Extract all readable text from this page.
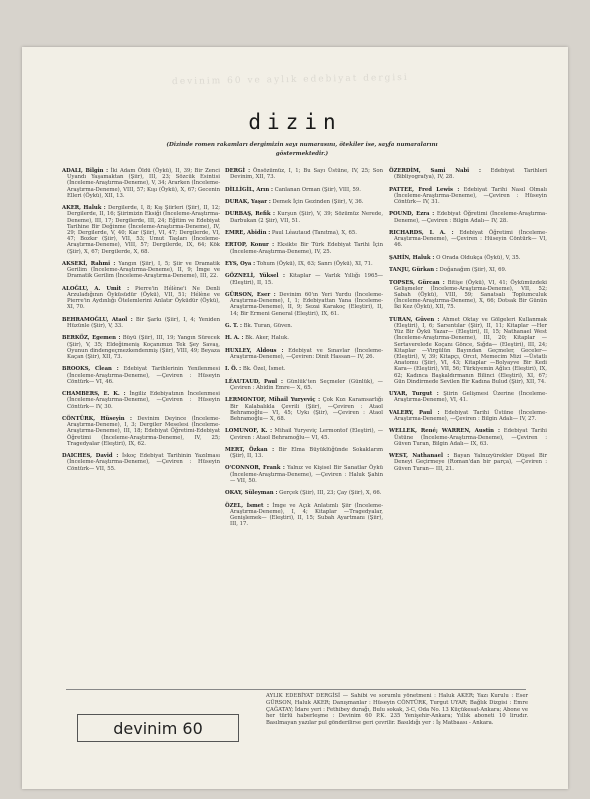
devinim 60 ve aylık edebiyat dergisi
dizin
(Dizinde romen rakamları dergimizin sayı numarasını, ötekiler ise, sayfa numaralarını göstermektedir.)
ADALI, Bilgin : İki Adam Öldü (Öykü), II, 39; Bir Zenci Uyandı Yaşamaktan (Şiir), III, 23; Sözcük Esintisi (İnceleme-Araştırma-Deneme), V, 34; Ararken (İnceleme-Araştırma-Deneme), VIII, 57; Kışı (Öykü), X, 67; Gecenin Elleri (Öykü), XII, 13.
AKER, Haluk : Dergilerde, I, 8; Kış Şiirleri (Şiir), II, 12; Dergilerde, II, 16; Şiirimizin Eksiği (İnceleme-Araştırma-Deneme), III, 17; Dergilerde, III, 24; Eğitim ve Edebiyat Tarihine Bir Değinme (İnceleme-Araştırma-Deneme), IV, 29; Dergilerde, V, 40; Kar (Şiir), VI, 47; Dergilerde, VI, 47; Bozkır (Şiir), VII, 53; Umut Taşları (İnceleme-Araştırma-Deneme), VIII, 57; Dergilerde, IX, 64; Kök (Şiir), X, 67; Dergilerde, X, 68.
AKSEKİ, Rahmi : Yangın (Şiir), I, 5; Şiir ve Dramatik Gerilim (İnceleme-Araştırma-Deneme), II, 9; İmge ve Dramatik Gerilim (İnceleme-Araştırma-Deneme), III, 22.
ALOĞLU, A. Umit : Pierre'in Hélène'i Ne Denli Arzuladığının Öyküsüdür (Öykü), VII, 51; Hélène ve Pierre'in Aydınlığı Ötelemlerini Anlatır Öyküdür (Öykü), XI, 70.
BEHRAMOĞLU, Ataol : Bir Şarkı (Şiir), I, 4; Yeniden Hüzünle (Şiir), V, 33.
BERKÖZ, Egemen : Büyü (Şiir), III, 19; Yangın Sürecek (Şiir), V, 35; Eldeğimeniş Koçanımızı Tek Şey Savaş, Oyunun dindengeçmezkendenmiş (Şiir), VIII, 49; Beyaza Kaçan (Şiir), XII, 73.
BROOKS, Clean : Edebiyat Tarihlerinin Yenilenmesi (İnceleme-Araştırma-Deneme), —Çeviren : Hüseyin Cöntürk— VI, 46.
CHAMBERS, E. K. : İngiliz Edebiyatının İncelenmesi (İnceleme-Araştırma-Deneme), —Çeviren : Hüseyin Cöntürk— IV, 30.
CÖNTÜRK, Hüseyin : Devinim Deyince (İnceleme-Araştırma-Deneme), I, 3; Dergiler Meselesi (İnceleme-Araştırma-Deneme), III, 18; Edebiyat Öğretimi-Edebiyat Öğretimi (İnceleme-Araştırma-Deneme), IV, 25; Tragedyalar (Eleştiri), IX, 62.
DAICHES, David : İskoç Edebiyat Tarihinin Yazılması (İnceleme-Araştırma-Deneme), —Çeviren : Hüseyin Cöntürk— VII, 55.
DERGİ : Önsözümüz, I, 1; Bu Sayı Üstüne, IV, 25; Son Devinim, XII, 73.
DİLLİGİL, Arın : Canlanan Orman (Şiir), VIII, 59.
DURAK, Yaşar : Demek İçin Gezinden (Şiir), V, 36.
DURBAŞ, Refik : Kurşun (Şiir), V, 39; Sözümüz Nerede, Darbukan (2 Şiir), VII, 51.
EMRE, Abidin : Paul Léautaud (Tanıtma), X, 65.
ERTOP, Konur : Eksikte Bir Türk Edebiyat Tarihi İçin (İnceleme-Araştırma-Deneme), IV, 25.
EYS, Oya : Tohum (Öykü), IX, 63; Sanrı (Öykü), XI, 71.
GÖZNELİ, Yüksel : Kitaplar — Varlık Yıllığı 1965— (Eleştiri), II, 15.
GÜRSON, Eser : Devinim 60'ın Yeri Yurdu (İnceleme-Araştırma-Deneme), I, 1; Edebiyattan Yana (İnceleme-Araştırma-Deneme), II, 9; Sezai Karakoç (Eleştiri), II, 14; Bir Ermeni General (Eleştiri), IX, 61.
G. T. : Bk. Turan, Güven.
H. A. : Bk. Aker, Haluk.
HUXLEY, Aldous : Edebiyat ve Sınavlar (İnceleme-Araştırma-Deneme), —Çeviren: Dinit Hassan— IV, 26.
I. Ö. : Bk. Özel, İsmet.
LÉAUTAUD, Paul : Günlük'ten Seçmeler (Günlük), —Çeviren : Abidin Emre— X, 65.
LERMONTOF, Mihail Yuryeviç : Çok Kızı Karamsarlığı Bir Kalabalıkla Çevrili (Şiir), —Çeviren : Ataol Behramoğlu— VI, 45; Uykı (Şiir), —Çeviren : Ataol Behramoğlu— X, 68.
LOMUNOF, K. : Mihail Yuryeviç Lermontof (Eleştiri), —Çeviren : Ataol Behramoğlu— VI, 45.
MERT, Özkan : Bir Elma Büyüklüğünde Sokaklarım (Şiir), II, 13.
O'CONNOR, Frank : Yalnız ve Kişisel Bir Sanatlar Öykü (İnceleme-Araştırma-Deneme), —Çeviren : Haluk Şahin— VII, 50.
OKAY, Süleyman : Gerçek (Şiir), III, 23; Çay (Şiir), X, 66.
ÖZEL, İsmet : İmge ve Açık Anlatımlı Şiir (İnceleme-Araştırma-Deneme), I, 4; Kitaplar —Tragedyalar, Genişlemek— (Eleştiri), II, 15; Subah Ayartmanı (Şiir), III, 17.
ÖZERDİM, Sami Nabi : Edebiyat Tarihleri (Bibliyografya), IV, 28.
PATTEE, Fred Lewis : Edebiyat Tarihi Nasıl Olmalı (İnceleme-Araştırma-Deneme), —Çeviren : Hüseyin Cöntürk— IV, 31.
POUND, Ezra : Edebiyat Öğretimi (İnceleme-Araştırma-Deneme), —Çeviren : Bilgin Adalı— IV, 28.
RICHARDS, I. A. : Edebiyat Öğretimi (İnceleme-Araştırma-Deneme), —Çeviren : Hüseyin Cöntürk— VI, 46.
ŞAHİN, Haluk : O Orada Oldukça (Öykü), V, 35.
TANJU, Gürkan : Doğanağım (Şiir), XI, 69.
TOPSES, Gürcan : Bitişe (Öykü), VI, 41; Öykümüzdeki Gelişmeler (İnceleme-Araştırma-Deneme), VII, 52; Sabah (Öykü), VIII, 59; Sanatsalı Toplumculuk (İnceleme-Araştırma-Deneme), X, 66; Dotsak Bir Günün İki Kez (Öykü), XII, 75.
TURAN, Güven : Ahmet Oktay ve Gölgeleri Kullanmak (Eleştiri), I, 6; Sarsıntılar (Şiir), II, 11; Kitaplar —Her Yüz Bir Öykü Yazar— (Eleştiri), II, 15; Nathanael West (İnceleme-Araştırma-Deneme), III, 20; Kitaplar —Sertaverelede Koçanı Gönce, Sığda— (Eleştiri), III, 24; Kitaplar —Virgülün Bayından Geçmeler, Geceler— (Eleştiri), V, 39; Kitapçı, Orcıt, Memecim Mizi —Üstatlı Anatomu (Şiir), VI, 43; Kitaplar —Bolyayve Bir Kedi Kara— (Eleştiri), VII, 56; Türkiyemin Ağlıcı (Eleştiri), IX, 62; Kadınca Başkaldırmanın Bilinci (Eleştiri), XI, 67; Gün Dindirmede Sevilen Bir Kadına Bulud (Şiir), XII, 74.
UYAR, Turgut : Şiirin Gelişmesi Üzerine (İnceleme-Araştırma-Deneme), VI, 41.
VALERY, Paul : Edebiyat Tarihi Üstüne (İnceleme-Araştırma-Deneme), —Çeviren : Bilgin Adalı— IV, 27.
WELLEK, René; WARREN, Austin : Edebiyat Tarihi Üstüne (İnceleme-Araştırma-Deneme), —Çeviren : Güven Turan, Bilgin Adalı— IX, 63.
WEST, Nathanael : Bayan Yalnızyürekler Düşsel Bir Deneyi Geçirmeye (Roman'dan bir parça), —Çeviren : Güven Turan— III, 21.
devinim 60
AYLIK EDEBİYAT DERGİSİ — Sahibi ve sorumlu yönetmeni : Haluk AKER; Yazı Kurulu : Eser GÜRSON, Haluk AKER; Danışmanlar : Hüseyin CÖNTÜRK, Turgut UYAR; Bağlık Dizgisi : Emre ÇAĞATAY; İdare yeri : Fethibey durağı, Bulu sokak, 3-C, Oda No. 13 Küçükesat-Ankara; Abone ve her türlü haberleşme : Devinim 60 P.K. 235 Yenişehir-Ankara; Yıllık aboneti 10 lirudır. Basılmayan yazılar pul gönderilirse geri çevrilir. Basıldığı yer : İş Matbaası - Ankara.
